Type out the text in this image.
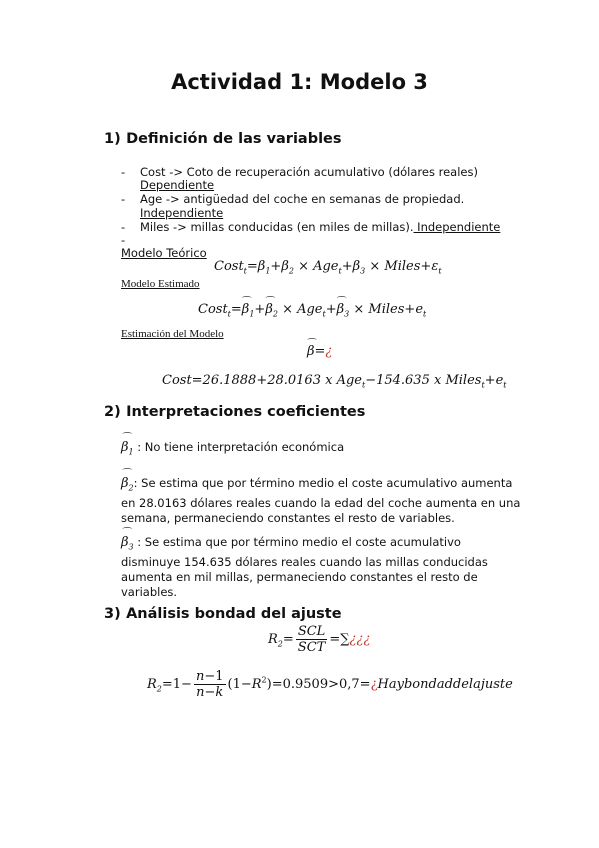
Actividad 1: Modelo 3
1) Definición de las variables
- Cost -> Coto de recuperación acumulativo (dólares reales)
Dependiente
- Age -> antigüedad del coche en semanas de propiedad.
Independiente
- Miles -> millas conducidas (en miles de millas). Independiente
-
Modelo Teórico
$Cost_t=\beta_1+\beta_2 \times Age_t+\beta_3$ × $Miles+\varepsilon_t$
Modelo Estimado
Cost$_t$=⌒ $\beta_1+⌒$ $\beta_2$ × Age$_t$+⌒ $\beta_3$ × $Miles+e_t$
Estimación del Modelo
⌒ β=¿
Cost=26.1888+28.0163 x Age$_t$−154.635 x $Miles_t+e_t$
2) Interpretaciones coeficientes
⌒ $\beta_1$ : No tiene interpretación económica
⌒ $\beta_2$: Se estima que por término medio el coste acumulativo aumenta
en 28.0163 dólares reales cuando la edad del coche aumenta en una
semana, permaneciendo constantes el resto de variables.
⌒ $\beta_3$ : Se estima que por término medio el coste acumulativo
disminuye 154.635 dólares reales cuando las millas conducidas
aumenta en mil millas, permaneciendo constantes el resto de
variables.
3) Análisis bondad del ajuste
$R_2= \frac{\text{SCL}}{\text{SCT}}$ =∑¿¿¿
$R_2=1- \frac{n-1}{n-k}$ $(1-R^2)=0.9509>0,7=¿Haybondaddelajuste$
